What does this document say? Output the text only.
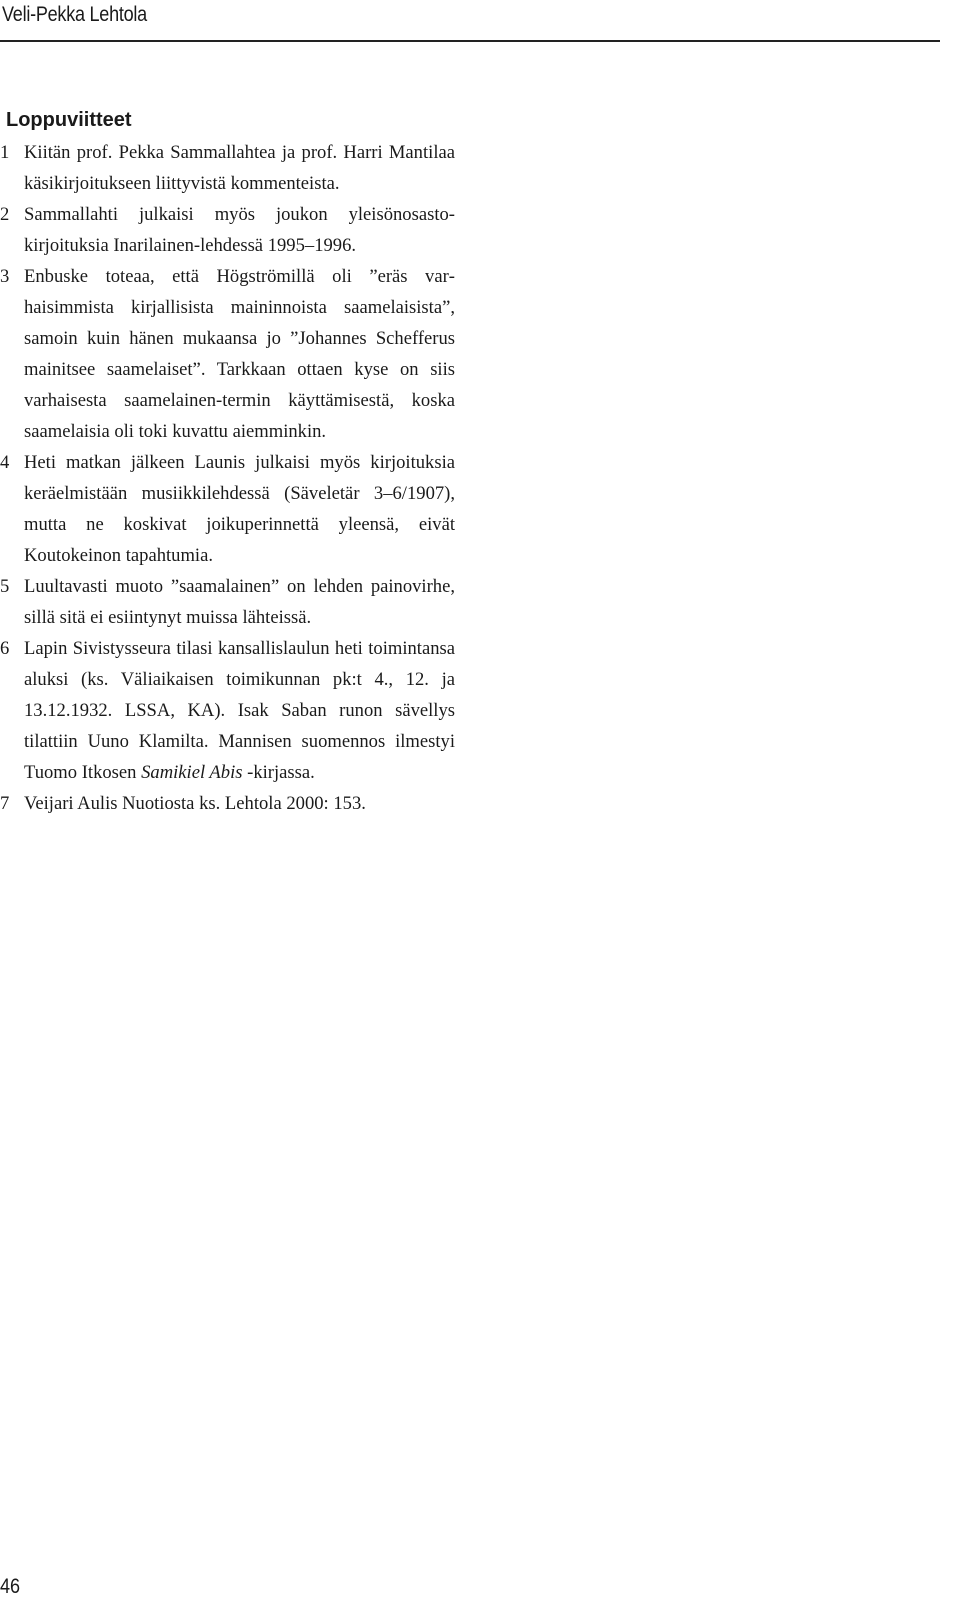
Veli-Pekka Lehtola
Loppuviitteet
1 Kiitän prof. Pekka Sammallahtea ja prof. Harri Mantilaa käsikirjoitukseen liittyvistä kommenteista.
2 Sammallahti julkaisi myös joukon yleisönosastokirjoituksia Inarilainen-lehdessä 1995–1996.
3 Enbuske toteaa, että Högströmillä oli ”eräs varhaisimmista kirjallisista maininnoista saamelaisista”, samoin kuin hänen mukaansa jo ”Johannes Schefferus mainitsee saamelaiset”. Tarkkaan ottaen kyse on siis varhaisesta saamelainen-termin käyttämisestä, koska saamelaisia oli toki kuvattu aiemminkin.
4 Heti matkan jälkeen Launis julkaisi myös kirjoituksia keräelmistään musiikkilehdessä (Säveletär 3–6/1907), mutta ne koskivat joikuperinnettä yleensä, eivät Koutokeinon tapahtumia.
5 Luultavasti muoto ”saamalainen” on lehden painovirhe, sillä sitä ei esiintynyt muissa lähteissä.
6 Lapin Sivistysseura tilasi kansallislaulun heti toimintansa aluksi (ks. Väliaikaisen toimikunnan pk:t 4., 12. ja 13.12.1932. LSSA, KA). Isak Saban runon sävellys tilattiin Uuno Klamilta. Mannisen suomennos ilmestyi Tuomo Itkosen Samikiel Abis -kirjassa.
7 Veijari Aulis Nuotiosta ks. Lehtola 2000: 153.
46
